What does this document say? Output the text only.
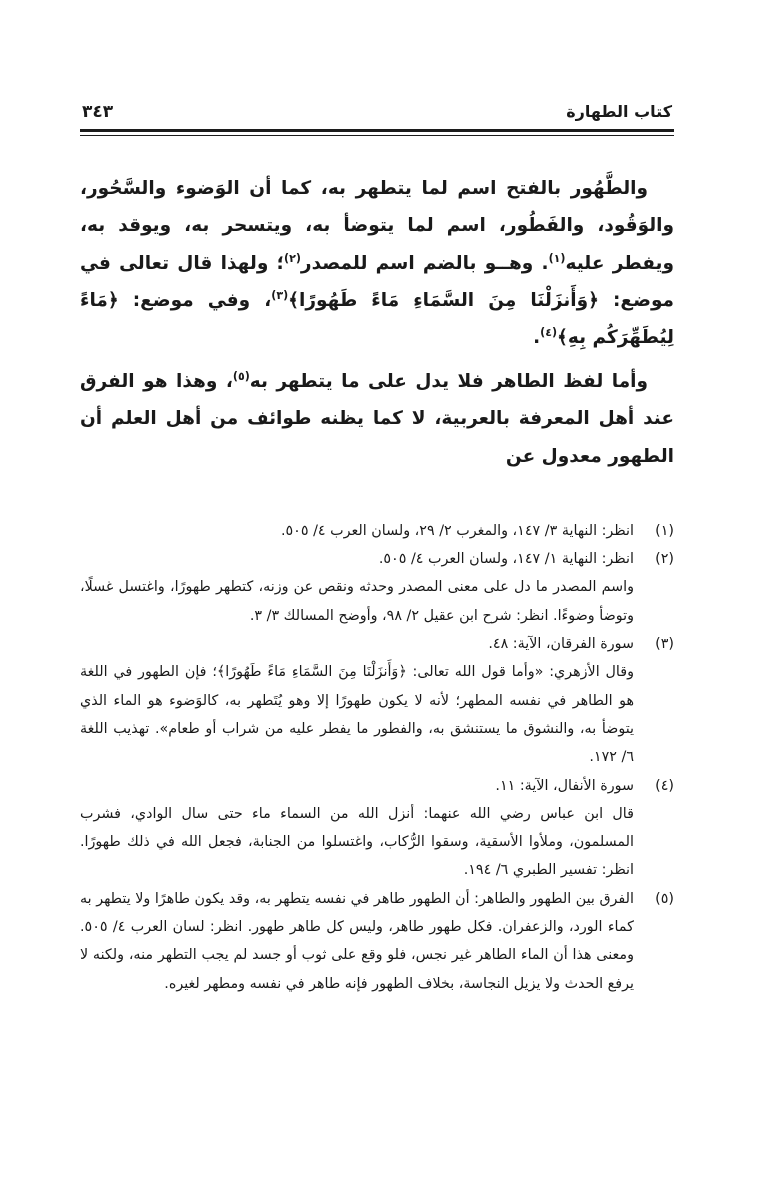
كتاب الطهارة
٣٤٣

والطَّهُور بالفتح اسم لما يتطهر به، كما أن الوَضوء والسَّحُور، والوَقُود، والفَطُور، اسم لما يتوضأ به، ويتسحر به، ويوقد به، ويفطر عليه$^{(١)}$. وهــو بالضم اسم للمصدر$^{(٢)}$؛ ولهذا قال تعالى في موضع: ﴿وَأَنزَلْنَا مِنَ السَّمَاءِ مَاءً طَهُورًا﴾$^{(٣)}$، وفي موضع: ﴿مَاءً لِيُطَهِّرَكُم بِهِ﴾$^{(٤)}$.

وأما لفظ الطاهر فلا يدل على ما يتطهر به$^{(٥)}$، وهذا هو الفرق عند أهل المعرفة بالعربية، لا كما يظنه طوائف من أهل العلم أن الطهور معدول عن

(١)
انظر: النهاية ٣/ ١٤٧، والمغرب ٢/ ٢٩، ولسان العرب ٤/ ٥٠٥.
(٢)
انظر: النهاية ١/ ١٤٧، ولسان العرب ٤/ ٥٠٥.
واسم المصدر ما دل على معنى المصدر وحدثه ونقص عن وزنه، كتطهر طهورًا، واغتسل غسلًا، وتوضأ وضوءًا. انظر: شرح ابن عقيل ٢/ ٩٨، وأوضح المسالك ٣/ ٣.
(٣)
سورة الفرقان، الآية: ٤٨.
وقال الأزهري: «وأما قول الله تعالى: ﴿وَأَنزَلْنَا مِنَ السَّمَاءِ مَاءً طَهُورًا﴾؛ فإن الطهور في اللغة هو الطاهر في نفسه المطهر؛ لأنه لا يكون طهورًا إلا وهو يُتَطهر به، كالوَضوء هو الماء الذي يتوضأ به، والنشوق ما يستنشق به، والفطور ما يفطر عليه من شراب أو طعام». تهذيب اللغة ٦/ ١٧٢.
(٤)
سورة الأنفال، الآية: ١١.
قال ابن عباس رضي الله عنهما: أنزل الله من السماء ماء حتى سال الوادي، فشرب المسلمون، وملأوا الأسقية، وسقوا الرُّكاب، واغتسلوا من الجنابة، فجعل الله في ذلك طهورًا. انظر: تفسير الطبري ٦/ ١٩٤.
(٥)
الفرق بين الطهور والطاهر: أن الطهور طاهر في نفسه يتطهر به، وقد يكون طاهرًا ولا يتطهر به كماء الورد، والزعفران. فكل طهور طاهر، وليس كل طاهر طهور. انظر: لسان العرب ٤/ ٥٠٥. ومعنى هذا أن الماء الطاهر غير نجس، فلو وقع على ثوب أو جسد لم يجب التطهر منه، ولكنه لا يرفع الحدث ولا يزيل النجاسة، بخلاف الطهور فإنه طاهر في نفسه ومطهر لغيره.
